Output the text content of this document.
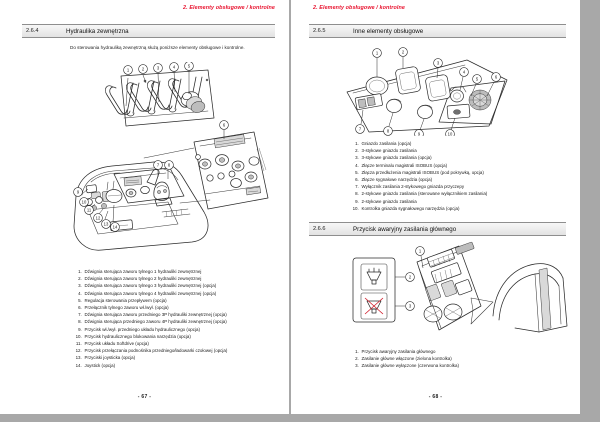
2. Elementy obsługowe / kontrolne
2.6.4	Hydraulika zewnętrzna
Do sterowania hydrauliką zewnętrzną służą poniższe elementy obsługowe i kontrolne.
1	2	3	4	5
6
7 8
9
10
11
12
13
14
1. Dźwignia sterująca zaworu tylnego 1 hydrauliki zewnętrznej
2. Dźwignia sterująca zaworu tylnego 2 hydrauliki zewnętrznej
3. Dźwignia sterująca zaworu tylnego 3 hydrauliki zewnętrznej (opcja)
4. Dźwignia sterująca zaworu tylnego 4 hydrauliki zewnętrznej (opcja)
5. Regulacja sterowania przepływem (opcja)
6. Przełącznik tylnego zaworu wł./wył. (opcja)
7. Dźwignia sterująca zaworu przedniego 3P hydrauliki zewnętrznej (opcja)
8. Dźwignia sterująca przedniego zaworu 4P hydrauliki zewnętrznej (opcja)
9. Przycisk wł./wył. przedniego układu hydraulicznego (opcja)
10. Przycisk hydraulicznego blokowania narzędzia (opcja)
11. Przycisk układu Softdrive (opcja)
12. Przycisk przełączania podnośnika przedniego/ładowarki czołowej (opcja)
13. Przyciski joysticka (opcja)
14. Joystick (opcja)
- 67 -
2. Elementy obsługowe / kontrolne
2.6.5	Inne elementy obsługowe
1	2
3
4
5	6
7	8
9	10
1. Gniazdo zasilania (opcja)
2. 3-stykowe gniazdo zasilania
3. 3-stykowe gniazdo zasilania (opcja)
4. Złącze terminalu magistrali ISOBUS (opcja)
5. Złącza przedłużenia magistrali ISOBUS (pod pokrywką, opcja)
6. Złącze sygnałowe narzędzia (opcja)
7. Wyłącznik zasilania 2-stykowego gniazda przyczepy
8. 2-stykowe gniazdo zasilania (sterowane wyłącznikiem zasilania)
9. 2-stykowe gniazdo zasilania
10. Kontrolka gniazda sygnałowego narzędzia (opcja)
2.6.6	Przycisk awaryjny zasilania głównego
1
2
3
1. Przycisk awaryjny zasilania głównego
2. Zasilanie główne włączone (zielona kontrolka)
3. Zasilanie główne wyłączone (czerwona kontrolka)
- 68 -
